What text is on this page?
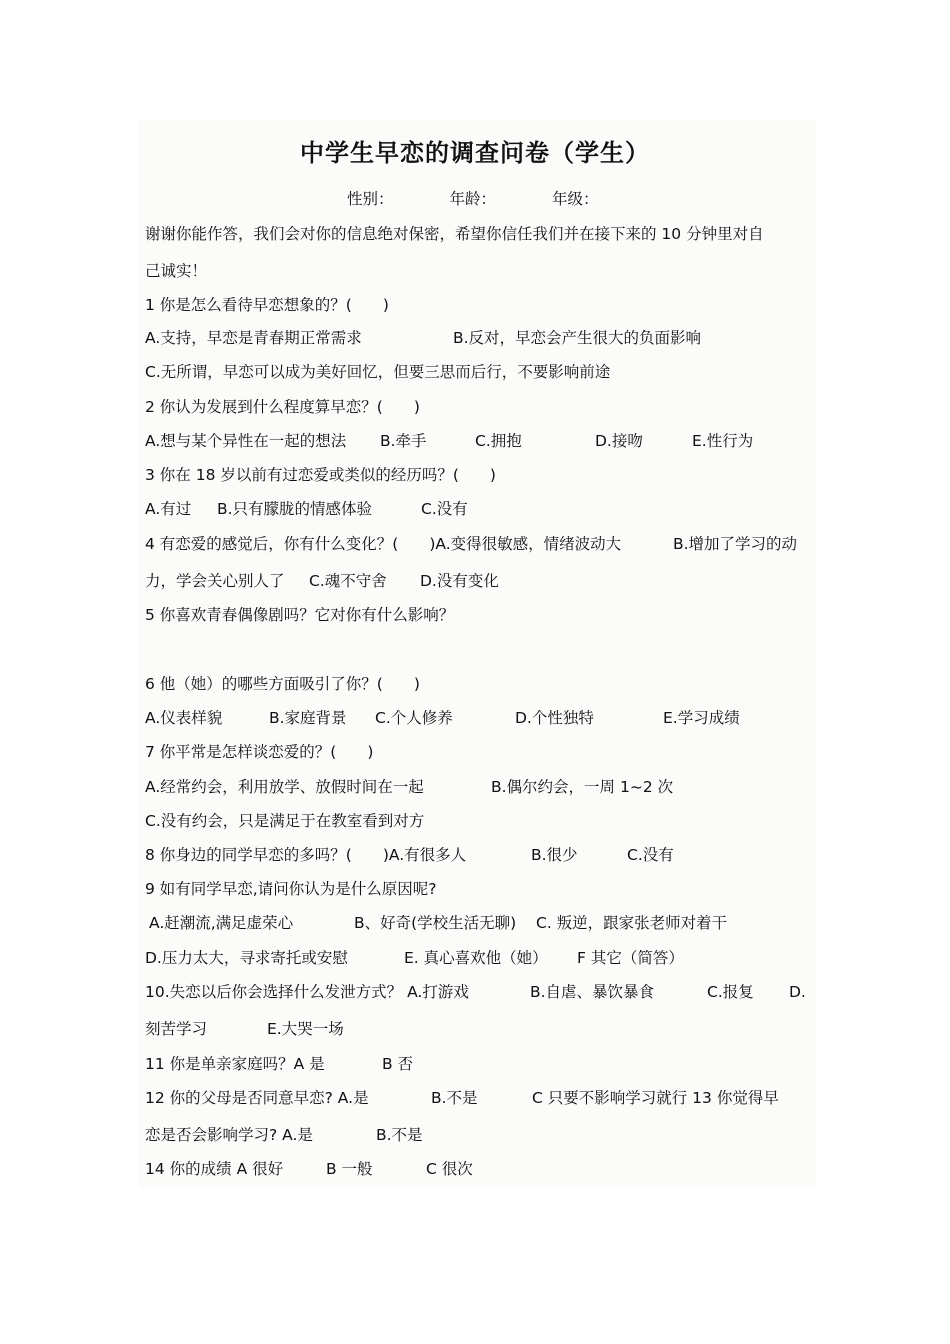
中学生早恋的调查问卷（学生）
性别：	年龄：	年级：

谢谢你能作答，我们会对你的信息绝对保密，希望你信任我们并在接下来的 10 分钟里对自

己诚实！

1 你是怎么看待早恋想象的？(　　)

A.支持，早恋是青春期正常需求	B.反对，早恋会产生很大的负面影响

C.无所谓，早恋可以成为美好回忆，但要三思而后行，不要影响前途

2 你认为发展到什么程度算早恋？(　　)

A.想与某个异性在一起的想法 B.牵手	C.拥抱	D.接吻	E.性行为

3 你在 18 岁以前有过恋爱或类似的经历吗？(　　)

A.有过 B.只有朦胧的情感体验	C.没有

4 有恋爱的感觉后，你有什么变化？(　　)A.变得很敏感，情绪波动大	B.增加了学习的动

力，学会关心别人了 C.魂不守舍 D.没有变化

5 你喜欢青春偶像剧吗？它对你有什么影响？

6 他（她）的哪些方面吸引了你？(　　)

A.仪表样貌	B.家庭背景 C.个人修养	D.个性独特	E.学习成绩

7 你平常是怎样谈恋爱的？(　　)

A.经常约会，利用放学、放假时间在一起	B.偶尔约会，一周 1~2 次

C.没有约会，只是满足于在教室看到对方

8 你身边的同学早恋的多吗？(　　)A.有很多人	B.很少	C.没有

9 如有同学早恋,请问你认为是什么原因呢?

A.赶潮流,满足虚荣心	B、好奇(学校生活无聊) C. 叛逆，跟家张老师对着干

D.压力太大，寻求寄托或安慰	E. 真心喜欢他（她） F 其它（简答）

10.失恋以后你会选择什么发泄方式？ A.打游戏	B.自虐、暴饮暴食	C.报复 D.

刻苦学习	E.大哭一场

11 你是单亲家庭吗？A 是	B 否

12 你的父母是否同意早恋? A.是	B.不是	C 只要不影响学习就行 13 你觉得早

恋是否会影响学习? A.是	B.不是

14 你的成绩 A 很好	B 一般	C 很次
